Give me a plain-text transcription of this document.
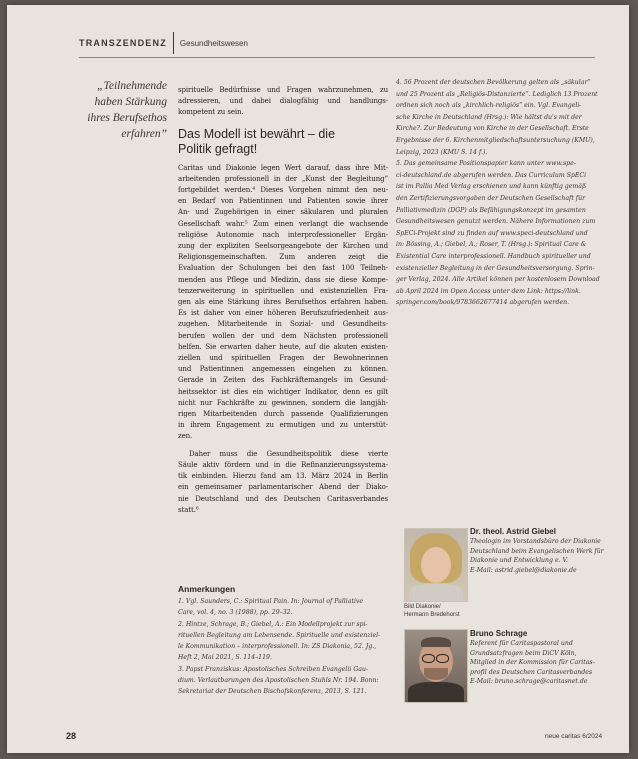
TRANSZENDENZ Gesundheitswesen
„Teilnehmende
haben Stärkung
ihres Berufsethos
erfahren”
spirituelle Bedürfnisse und Fragen wahrzunehmen, zu
adressieren, und dabei dialogfähig und handlungs-
kompetent zu sein.
Das Modell ist bewährt – die
Politik gefragt!
Caritas und Diakonie legen Wert darauf, dass ihre Mit-
arbeitenden professionell in der „Kunst der Begleitung”
fortgebildet werden.⁴ Dieses Vorgehen nimmt den neu-
en Bedarf von Patientinnen und Patienten sowie ihrer
An- und Zugehörigen in einer säkularen und pluralen
Gesellschaft wahr.⁵ Zum einen verlangt die wachsende
religiöse Autonomie nach interprofessioneller Ergän-
zung der expliziten Seelsorgeangebote der Kirchen und
Religionsgemeinschaften. Zum anderen zeigt die
Evaluation der Schulungen bei den fast 100 Teilneh-
menden aus Pflege und Medizin, dass sie diese Kompe-
tenzerweiterung in spirituellen und existenziellen Fra-
gen als eine Stärkung ihres Berufsethos erfahren haben.
Es ist daher von einer höheren Berufszufriedenheit aus-
zugehen. Mitarbeitende in Sozial- und Gesundheits-
berufen wollen der und dem Nächsten professionell
helfen. Sie erwarten daher heute, auf die akuten existen-
ziellen und spirituellen Fragen der Bewohnerinnen
und Patientinnen angemessen eingehen zu können.
Gerade in Zeiten des Fachkräftemangels im Gesund-
heitssektor ist dies ein wichtiger Indikator, denn es gilt
nicht nur Fachkräfte zu gewinnen, sondern die langjäh-
rigen Mitarbeitenden durch passende Qualifizierungen
in ihrem Engagement zu ermutigen und zu unterstüt-
zen.
Daher muss die Gesundheitspolitik diese vierte
Säule aktiv fördern und in die Refinanzierungssystema-
tik einbinden. Hierzu fand am 13. März 2024 in Berlin
ein gemeinsamer parlamentarischer Abend der Diako-
nie Deutschland und des Deutschen Caritasverbandes
statt.⁶
Anmerkungen
1. Vgl. Saunders, C.: Spiritual Pain. In: Journal of Palliative
Care, vol. 4, no. 3 (1988), pp. 29–32.
2. Hintze, Schrage, B.; Giebel, A.: Ein Modellprojekt zur spi-
rituellen Begleitung am Lebensende. Spirituelle und existenziel-
le Kommunikation – interprofessionell. In: ZS Diakonia, 52. Jg.,
Heft 2, Mai 2021, S. 114–119.
3. Papst Franziskus: Apostolisches Schreiben Evangelii Gau-
dium. Verlautbarungen des Apostolischen Stuhls Nr. 194. Bonn:
Sekretariat der Deutschen Bischofskonferenz, 2013, S. 121.
4. 56 Prozent der deutschen Bevölkerung gelten als „säkular”
und 25 Prozent als „Religiös-Distanzierte”. Lediglich 13 Prozent
ordnen sich noch als „kirchlich-religiös” ein. Vgl. Evangeli-
sche Kirche in Deutschland (Hrsg.): Wie hältst du's mit der
Kirche?. Zur Bedeutung von Kirche in der Gesellschaft. Erste
Ergebnisse der 6. Kirchenmitgliedschaftsuntersuchung (KMU),
Leipzig, 2023 (KMU S. 14 f.).
5. Das gemeinsame Positionspapier kann unter www.spe-
ci-deutschland.de abgerufen werden. Das Curriculum SpECi
ist im Pallia Med Verlag erschienen und kann künftig gemäß
den Zertifizierungsvorgaben der Deutschen Gesellschaft für
Palliativmedizin (DGP) als Befähigungskonzept im gesamten
Gesundheitswesen genutzt werden. Nähere Informationen zum
SpECi-Projekt sind zu finden auf www.speci-deutschland und
in: Bössing, A.; Giebel, A.; Roser, T. (Hrsg.): Spiritual Care &
Existential Care interprofessionell. Handbuch spiritueller und
existenzieller Begleitung in der Gesundheitsversorgung. Sprin-
ger Verlag, 2024. Alle Artikel können per kostenlosem Download
ab April 2024 im Open Access unter dem Link: https://link.
springer.com/book/9783662677414 abgerufen werden.
Bild Diakonie/
Hermann Bredehorst
Dr. theol. Astrid Giebel
Theologin im Vorstandsbüro der Diakonie
Deutschland beim Evangelischen Werk für
Diakonie und Entwicklung e. V.
E-Mail: astrid.giebel@diakonie.de
Bruno Schrage
Referent für Caritaspastoral und
Grundsatzfragen beim DiCV Köln,
Mitglied in der Kommission für Caritas-
profil des Deutschen Caritasverbandes
E-Mail: bruno.schrage@caritasnet.de
28	neue caritas 6/2024
